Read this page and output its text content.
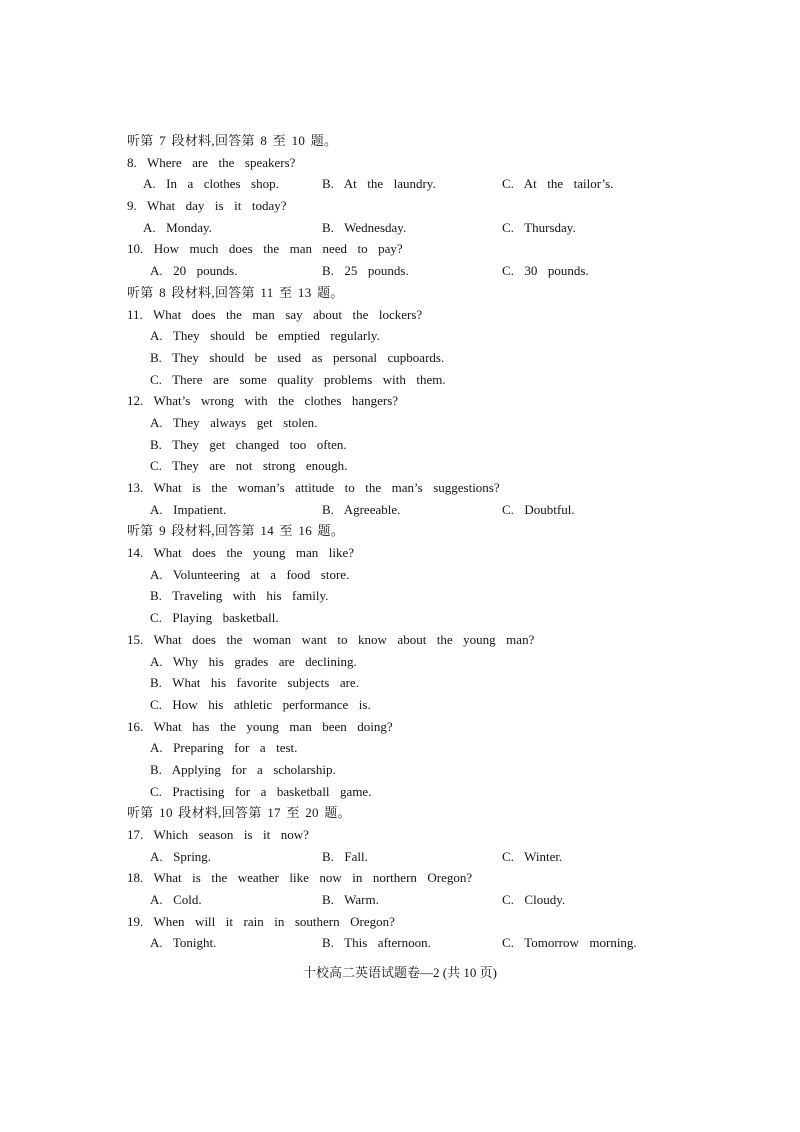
听第 7 段材料,回答第 8 至 10 题。
8.  Where  are  the  speakers?
A.  In  a  clothes  shop.	B.  At  the  laundry.	C.  At  the  tailor’s.
9.  What  day  is  it  today?
A.  Monday.	B.  Wednesday.	C.  Thursday.
10.  How  much  does  the  man  need  to  pay?
A.  20  pounds.	B.  25  pounds.	C.  30  pounds.
听第 8 段材料,回答第 11 至 13 题。
11.  What  does  the  man  say  about  the  lockers?
A.  They  should  be  emptied  regularly.
B.  They  should  be  used  as  personal  cupboards.
C.  There  are  some  quality  problems  with  them.
12.  What’s  wrong  with  the  clothes  hangers?
A.  They  always  get  stolen.
B.  They  get  changed  too  often.
C.  They  are  not  strong  enough.
13.  What  is  the  woman’s  attitude  to  the  man’s  suggestions?
A.  Impatient.	B.  Agreeable.	C.  Doubtful.
听第 9 段材料,回答第 14 至 16 题。
14.  What  does  the  young  man  like?
A.  Volunteering  at  a  food  store.
B.  Traveling  with  his  family.
C.  Playing  basketball.
15.  What  does  the  woman  want  to  know  about  the  young  man?
A.  Why  his  grades  are  declining.
B.  What  his  favorite  subjects  are.
C.  How  his  athletic  performance  is.
16.  What  has  the  young  man  been  doing?
A.  Preparing  for  a  test.
B.  Applying  for  a  scholarship.
C.  Practising  for  a  basketball  game.
听第 10 段材料,回答第 17 至 20 题。
17.  Which  season  is  it  now?
A.  Spring.	B.  Fall.	C.  Winter.
18.  What  is  the  weather  like  now  in  northern  Oregon?
A.  Cold.	B.  Warm.	C.  Cloudy.
19.  When  will  it  rain  in  southern  Oregon?
A.  Tonight.	B.  This  afternoon.	C.  Tomorrow  morning.
十校高二英语试题卷—2 (共 10 页)
